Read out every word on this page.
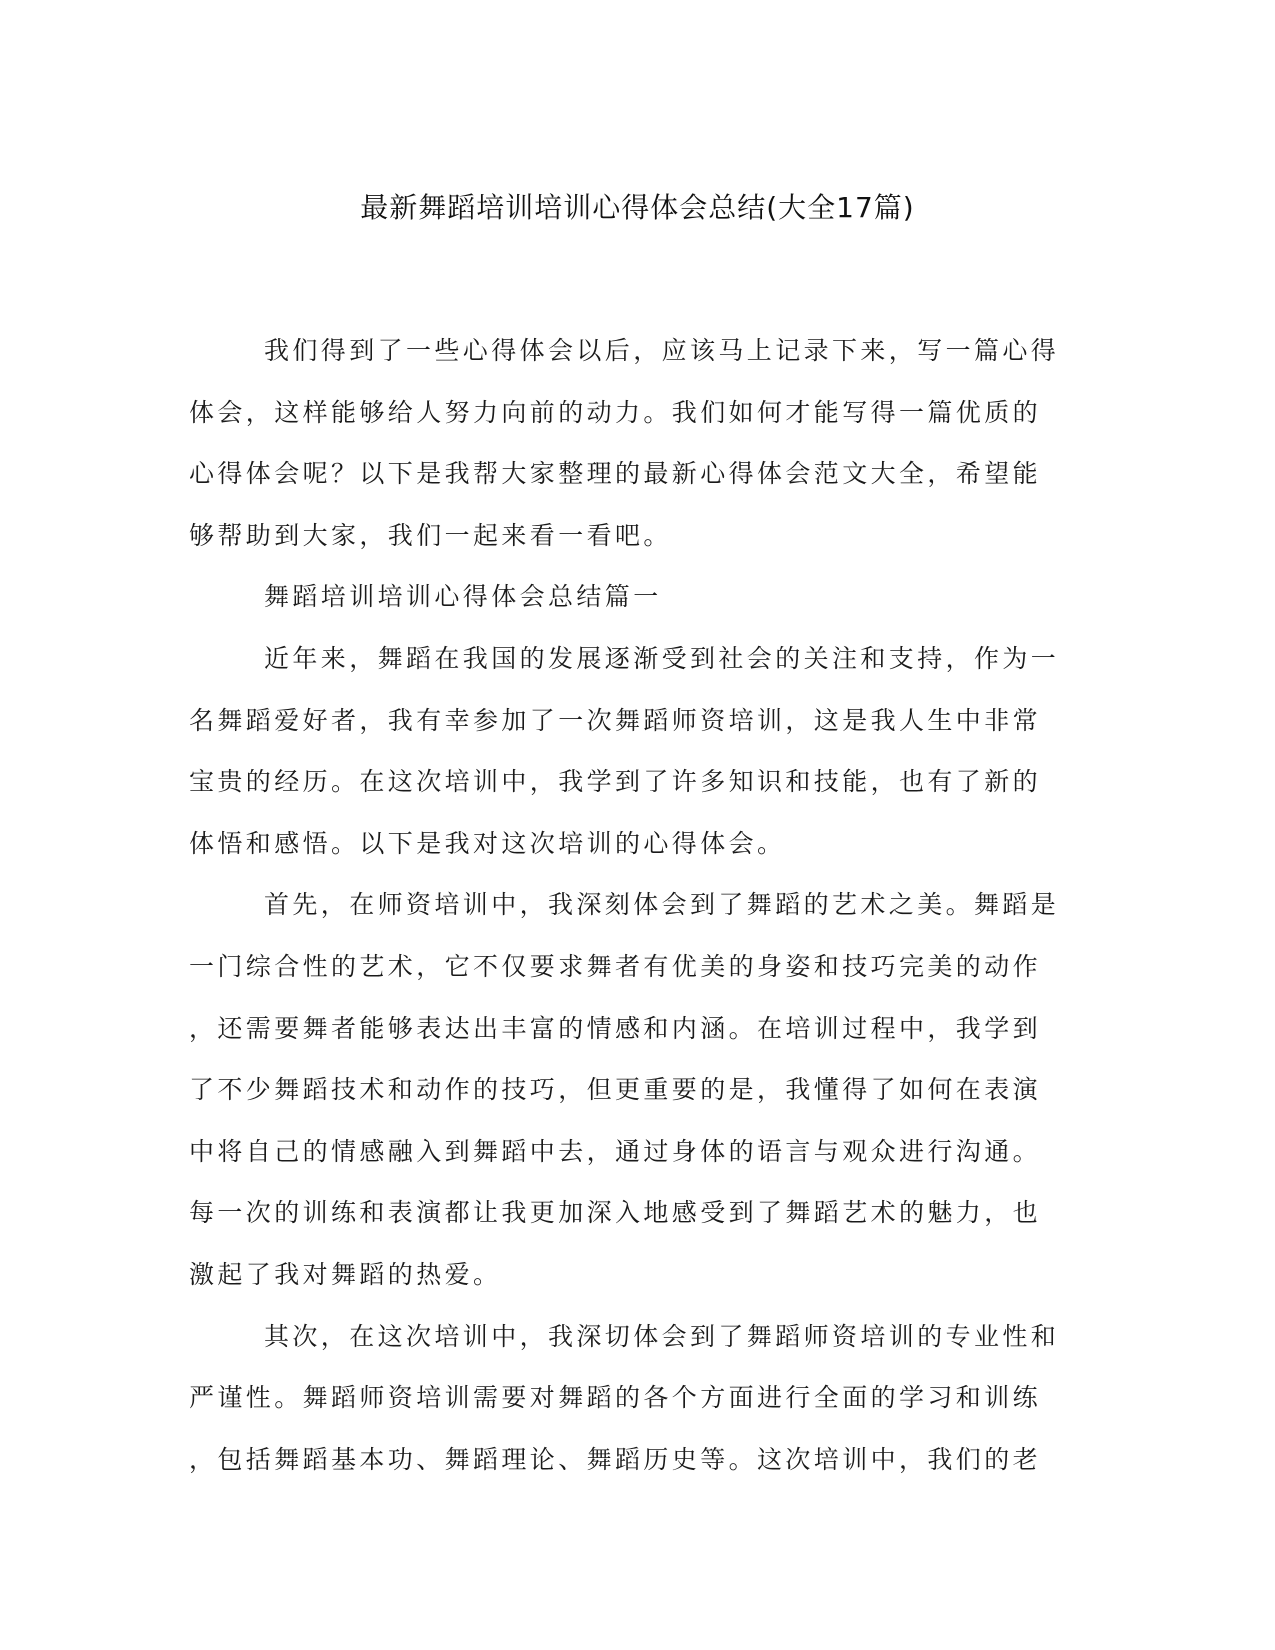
最新舞蹈培训培训心得体会总结(大全17篇)
我们得到了一些心得体会以后，应该马上记录下来，写一篇心得
体会，这样能够给人努力向前的动力。我们如何才能写得一篇优质的
心得体会呢？以下是我帮大家整理的最新心得体会范文大全，希望能
够帮助到大家，我们一起来看一看吧。
舞蹈培训培训心得体会总结篇一
近年来，舞蹈在我国的发展逐渐受到社会的关注和支持，作为一
名舞蹈爱好者，我有幸参加了一次舞蹈师资培训，这是我人生中非常
宝贵的经历。在这次培训中，我学到了许多知识和技能，也有了新的
体悟和感悟。以下是我对这次培训的心得体会。
首先，在师资培训中，我深刻体会到了舞蹈的艺术之美。舞蹈是
一门综合性的艺术，它不仅要求舞者有优美的身姿和技巧完美的动作
，还需要舞者能够表达出丰富的情感和内涵。在培训过程中，我学到
了不少舞蹈技术和动作的技巧，但更重要的是，我懂得了如何在表演
中将自己的情感融入到舞蹈中去，通过身体的语言与观众进行沟通。
每一次的训练和表演都让我更加深入地感受到了舞蹈艺术的魅力，也
激起了我对舞蹈的热爱。
其次，在这次培训中，我深切体会到了舞蹈师资培训的专业性和
严谨性。舞蹈师资培训需要对舞蹈的各个方面进行全面的学习和训练
，包括舞蹈基本功、舞蹈理论、舞蹈历史等。这次培训中，我们的老
